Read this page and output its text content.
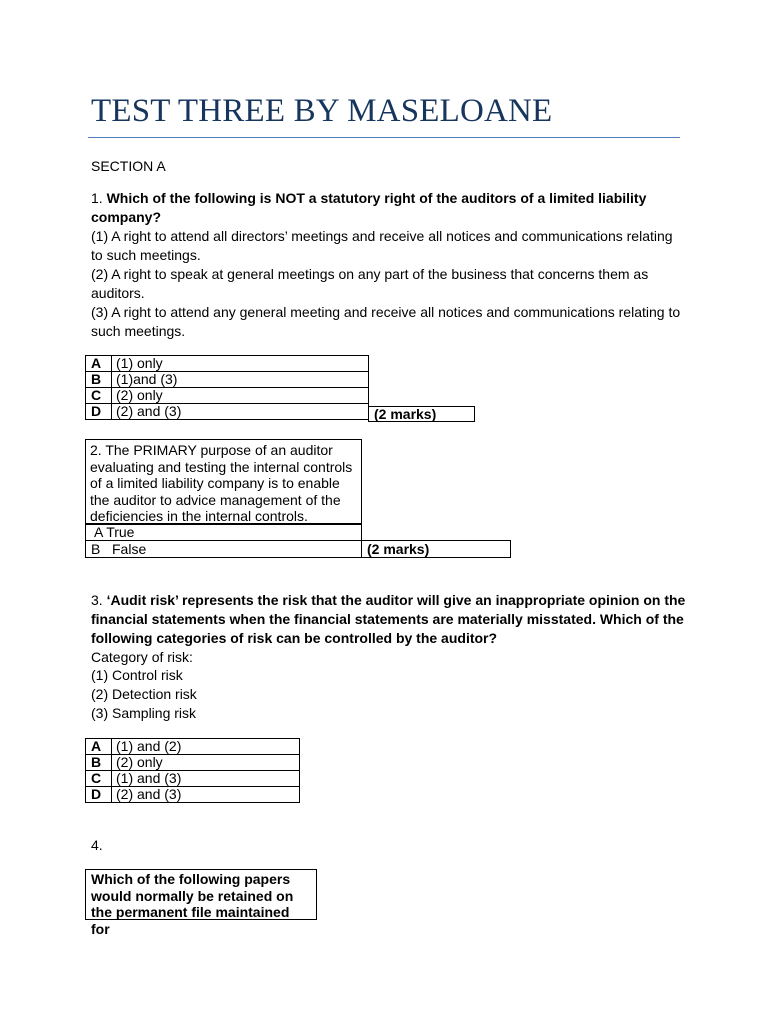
TEST THREE BY MASELOANE
SECTION A
1. Which of the following is NOT a statutory right of the auditors of a limited liability
company?
(1) A right to attend all directors’ meetings and receive all notices and communications relating
to such meetings.
(2) A right to speak at general meetings on any part of the business that concerns them as
auditors.
(3) A right to attend any general meeting and receive all notices and communications relating to
such meetings.
A	(1) only
B	(1)and (3)
C	(2) only
D	(2) and (3)	(2 marks)
2. The PRIMARY purpose of an auditor
evaluating and testing the internal controls
of a limited liability company is to enable
the auditor to advice management of the
deficiencies in the internal controls.
A True
B   False	(2 marks)
3. ‘Audit risk’ represents the risk that the auditor will give an inappropriate opinion on the
financial statements when the financial statements are materially misstated. Which of the
following categories of risk can be controlled by the auditor?
Category of risk:
(1) Control risk
(2) Detection risk
(3) Sampling risk
A	(1) and (2)
B	(2) only
C	(1) and (3)
D	(2) and (3)
4.
Which of the following papers
would normally be retained on
the permanent file maintained for
